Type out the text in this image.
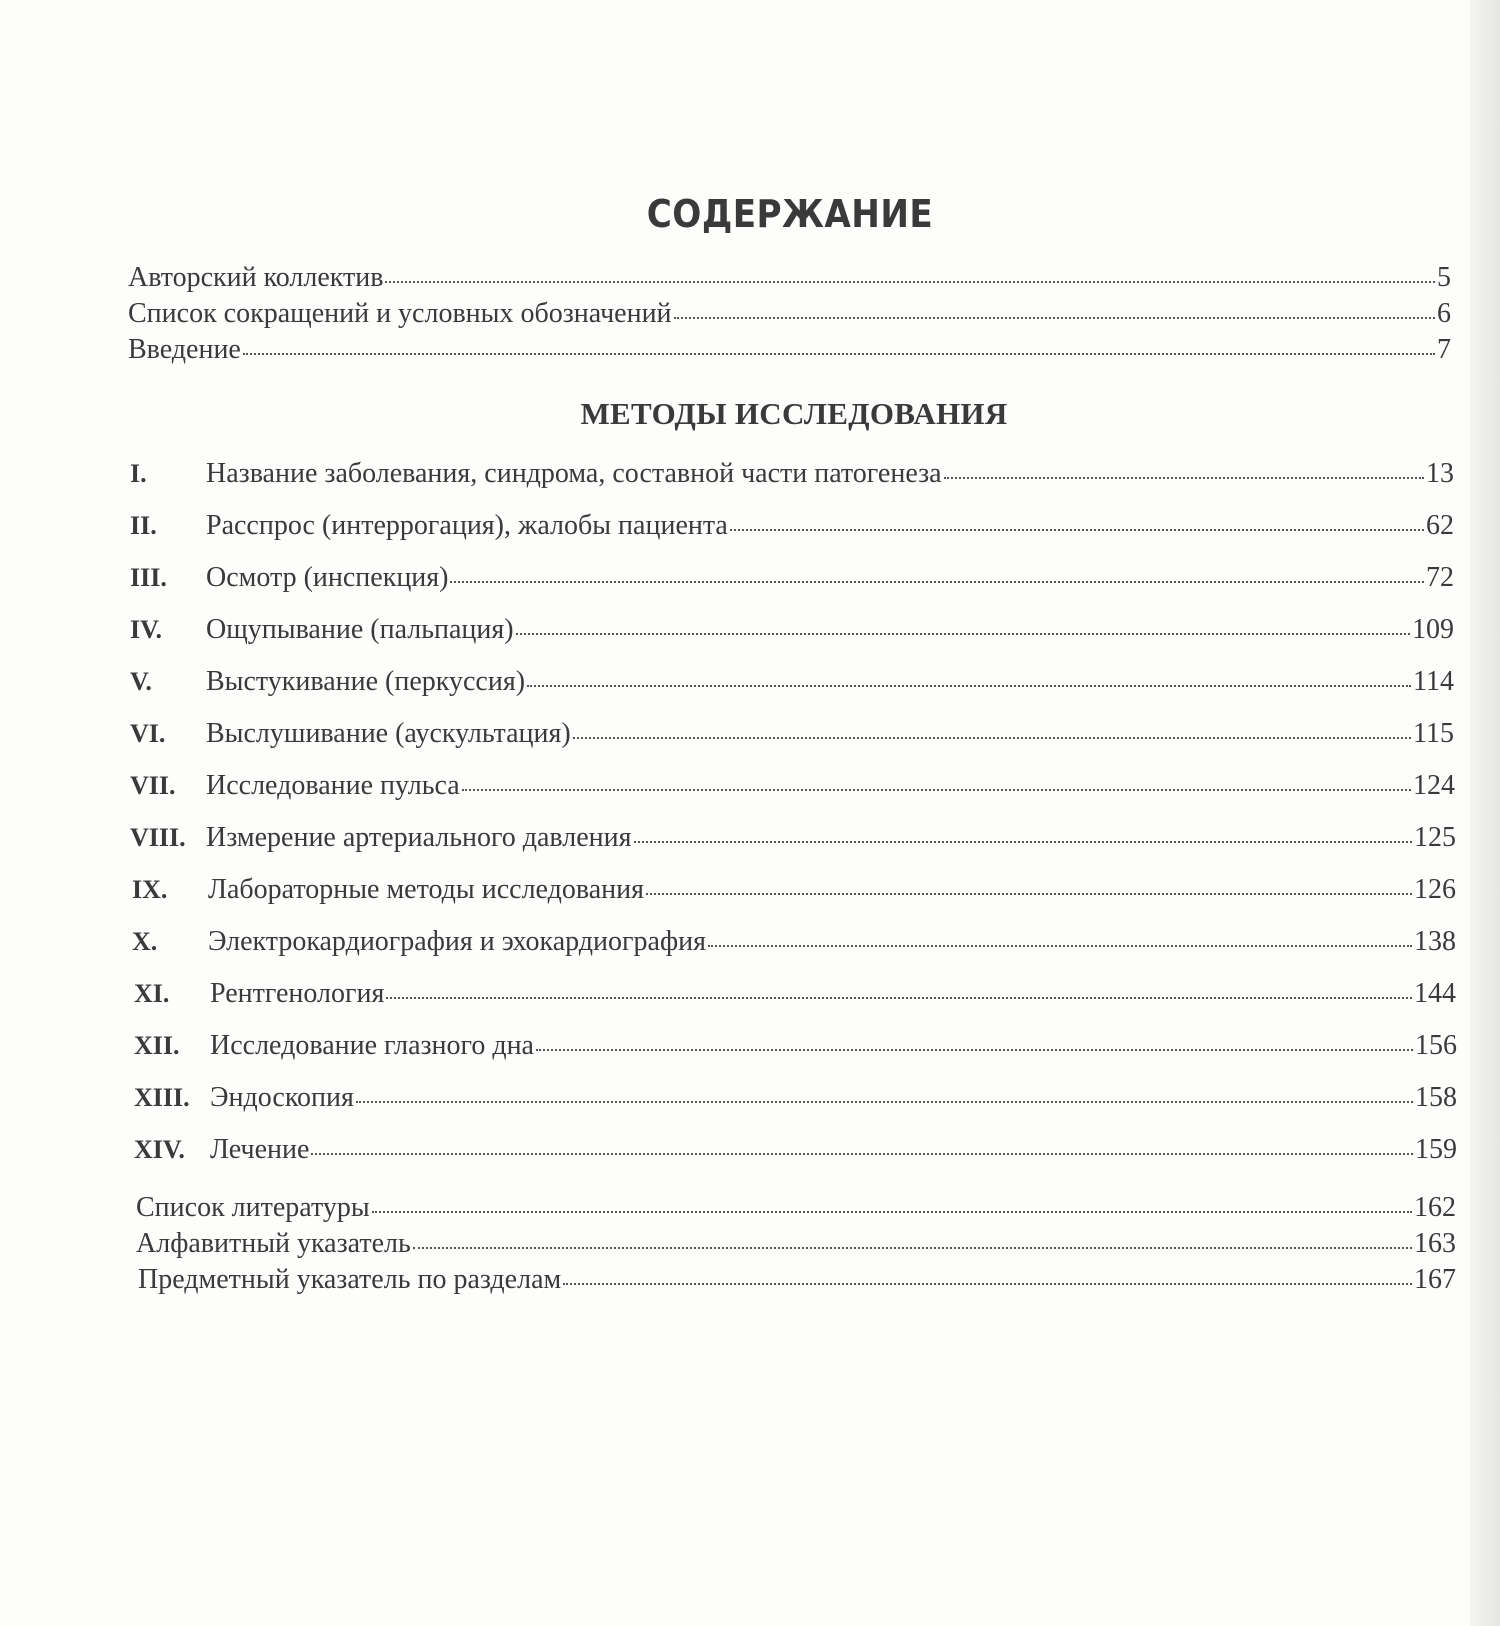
СОДЕРЖАНИЕ
Авторский коллектив	5
Список сокращений и условных обозначений	6
Введение	7
МЕТОДЫ ИССЛЕДОВАНИЯ
I.	Название заболевания, синдрома, составной части патогенеза	13
II.	Расспрос (интеррогация), жалобы пациента	62
III.	Осмотр (инспекция)	72
IV.	Ощупывание (пальпация)	109
V.	Выстукивание (перкуссия)	114
VI.	Выслушивание (аускультация)	115
VII.	Исследование пульса	124
VIII. Измерение артериального давления	125
IX.	Лабораторные методы исследования	126
X.	Электрокардиография и эхокардиография	138
XI.	Рентгенология	144
XII.	Исследование глазного дна	156
XIII. Эндоскопия	158
XIV. Лечение	159
Список литературы	162
Алфавитный указатель	163
Предметный указатель по разделам	167
